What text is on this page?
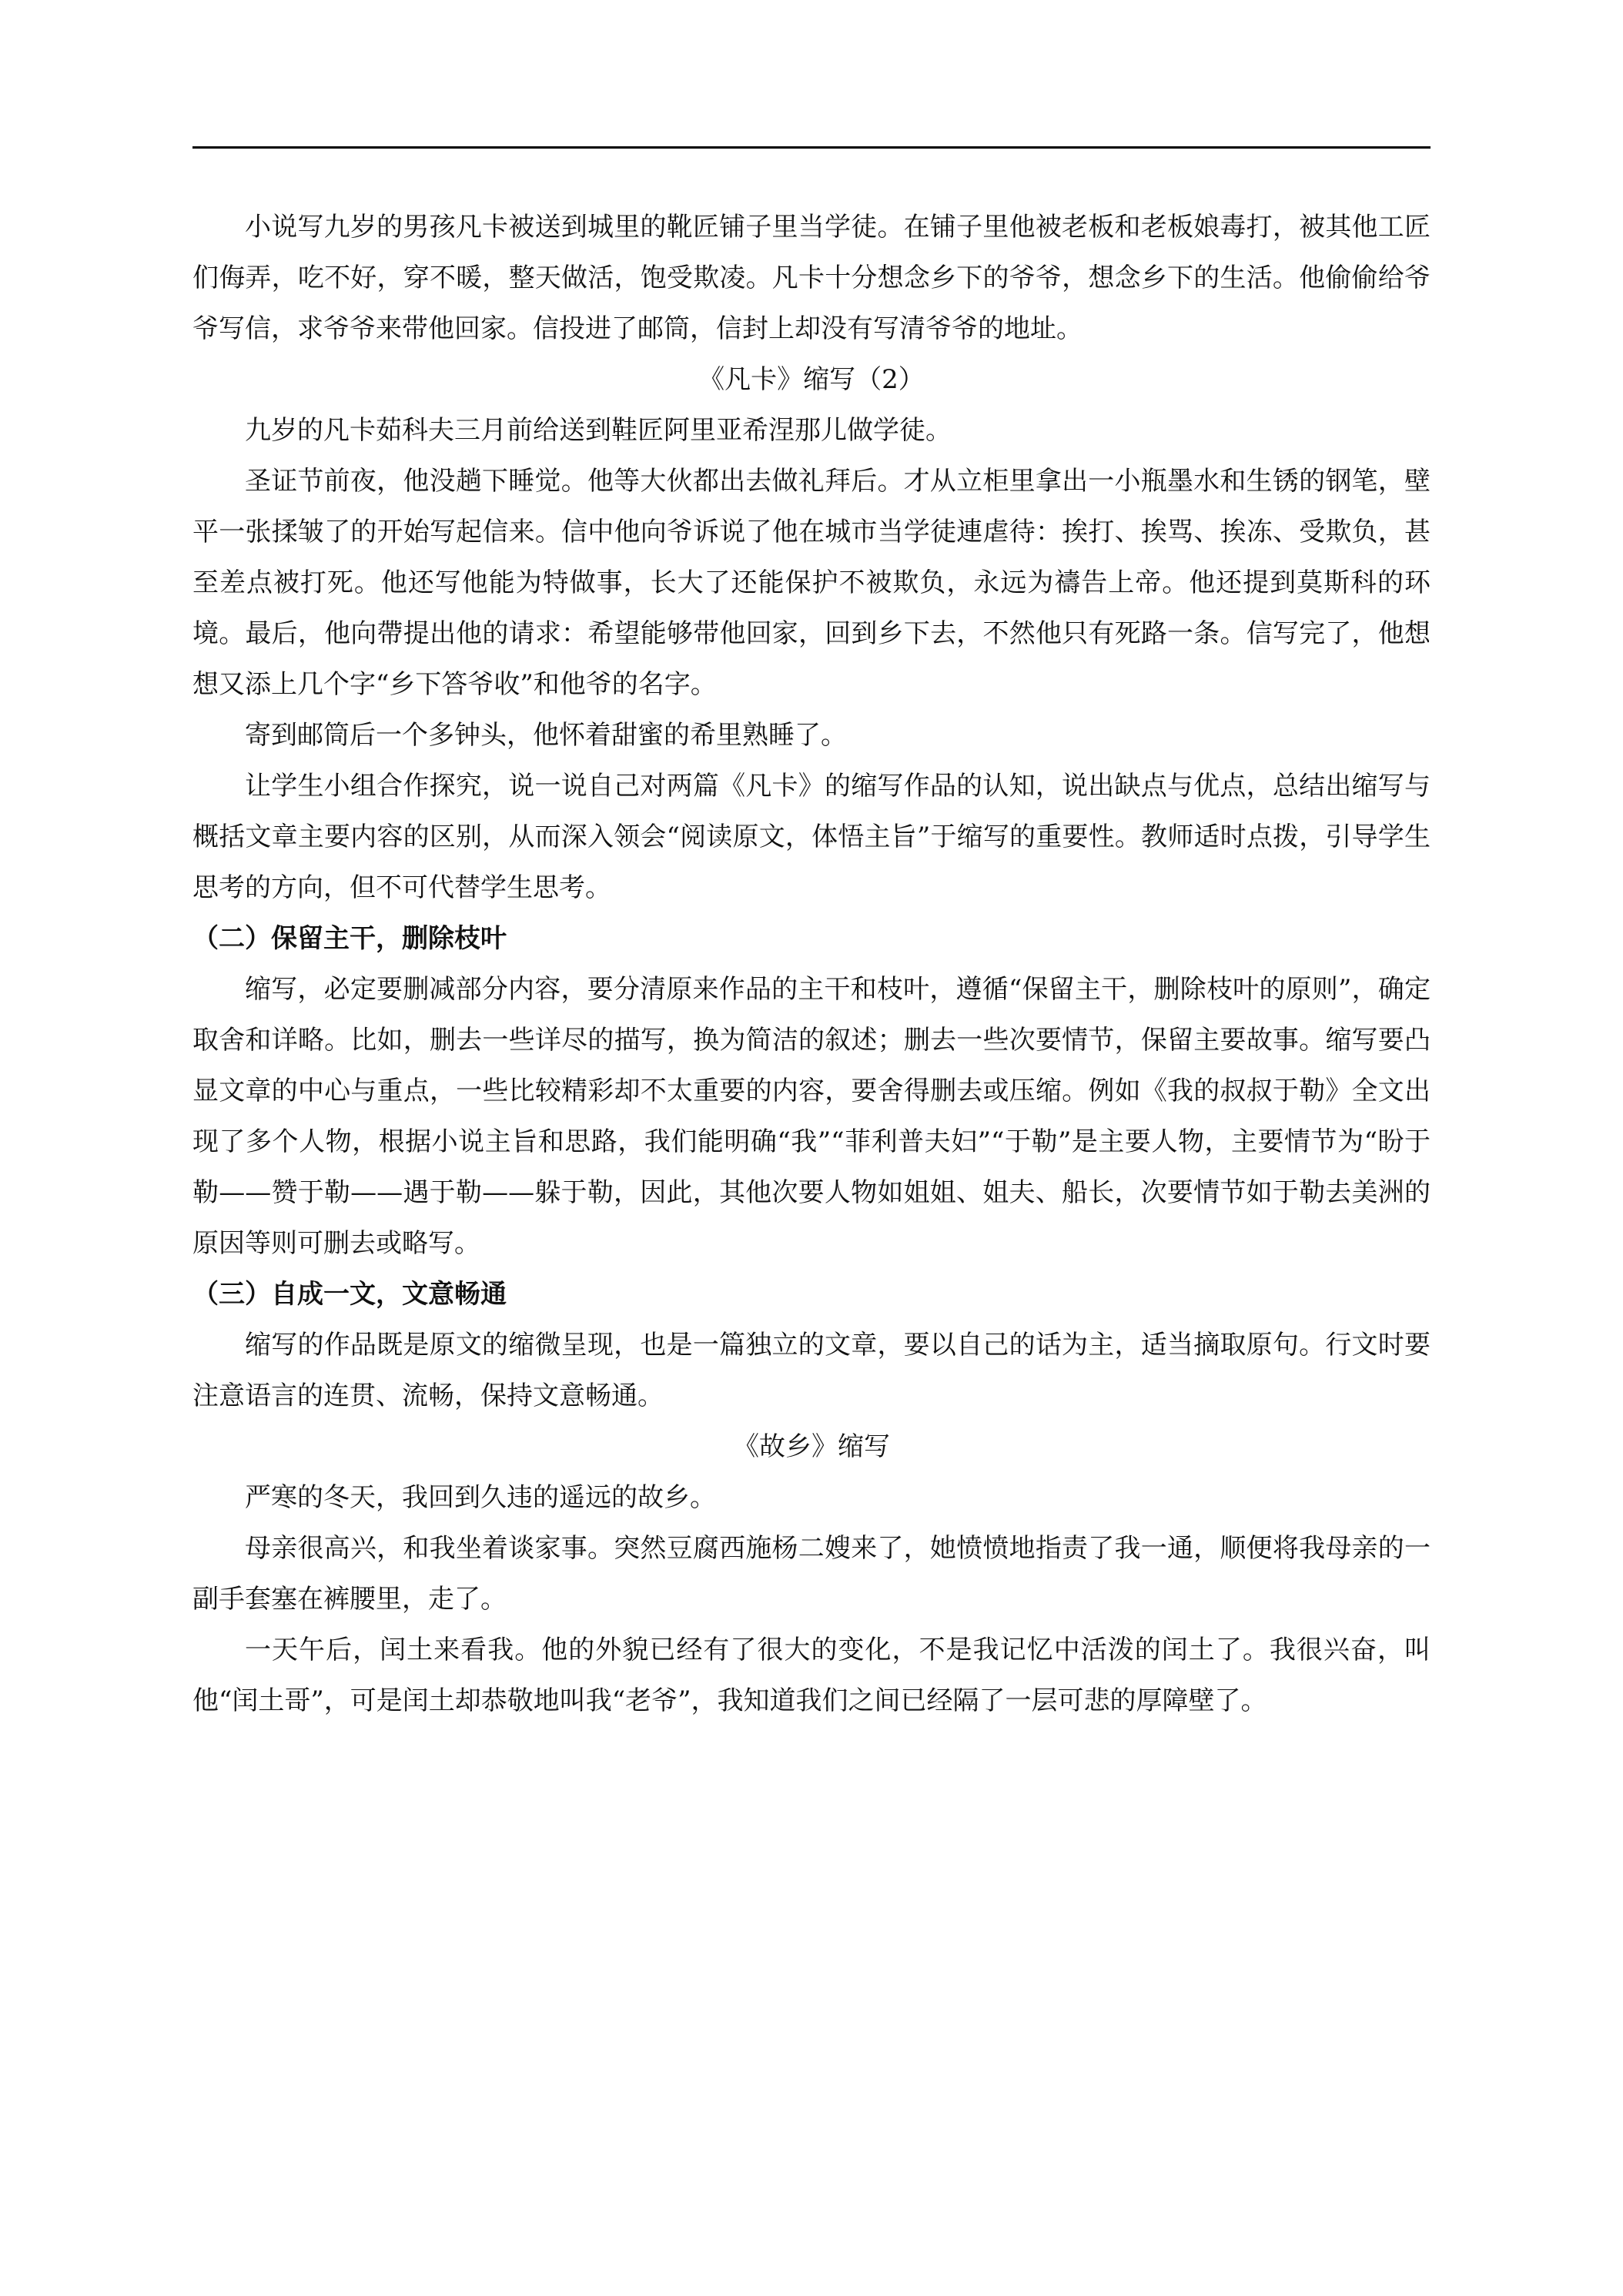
小说写九岁的男孩凡卡被送到城里的靴匠铺子里当学徒。在铺子里他被老板和老板娘毒打，被其他工匠们侮弄，吃不好，穿不暖，整天做活，饱受欺凌。凡卡十分想念乡下的爷爷，想念乡下的生活。他偷偷给爷爷写信，求爷爷来带他回家。信投进了邮筒，信封上却没有写清爷爷的地址。

《凡卡》缩写（2）

九岁的凡卡茹科夫三月前给送到鞋匠阿里亚希涅那儿做学徒。

圣证节前夜，他没趟下睡觉。他等大伙都出去做礼拜后。才从立柜里拿出一小瓶墨水和生锈的钢笔，壁平一张揉皱了的开始写起信来。信中他向爷诉说了他在城市当学徒連虐待：挨打、挨骂、挨冻、受欺负，甚至差点被打死。他还写他能为特做事，长大了还能保护不被欺负，永远为禱告上帝。他还提到莫斯科的环境。最后，他向帶提出他的请求：希望能够带他回家，回到乡下去，不然他只有死路一条。信写完了，他想想又添上几个字“乡下答爷收”和他爷的名字。

寄到邮筒后一个多钟头，他怀着甜蜜的希里熟睡了。

让学生小组合作探究，说一说自己对两篇《凡卡》的缩写作品的认知，说出缺点与优点，总结出缩写与概括文章主要内容的区别，从而深入领会“阅读原文，体悟主旨”于缩写的重要性。教师适时点拨，引导学生思考的方向，但不可代替学生思考。

（二）保留主干，删除枝叶

缩写，必定要删减部分内容，要分清原来作品的主干和枝叶，遵循“保留主干，删除枝叶的原则”，确定取舍和详略。比如，删去一些详尽的描写，换为简洁的叙述；删去一些次要情节，保留主要故事。缩写要凸显文章的中心与重点，一些比较精彩却不太重要的内容，要舍得删去或压缩。例如《我的叔叔于勒》全文出现了多个人物，根据小说主旨和思路，我们能明确“我”“菲利普夫妇”“于勒”是主要人物，主要情节为“盼于勒——赞于勒——遇于勒——躲于勒，因此，其他次要人物如姐姐、姐夫、船长，次要情节如于勒去美洲的原因等则可删去或略写。

（三）自成一文，文意畅通

缩写的作品既是原文的缩微呈现，也是一篇独立的文章，要以自己的话为主，适当摘取原句。行文时要注意语言的连贯、流畅，保持文意畅通。

《故乡》缩写

严寒的冬天，我回到久违的遥远的故乡。

母亲很高兴，和我坐着谈家事。突然豆腐西施杨二嫂来了，她愤愤地指责了我一通，顺便将我母亲的一副手套塞在裤腰里，走了。

一天午后，闰土来看我。他的外貌已经有了很大的变化，不是我记忆中活泼的闰土了。我很兴奋，叫他“闰土哥”，可是闰土却恭敬地叫我“老爷”，我知道我们之间已经隔了一层可悲的厚障壁了。
